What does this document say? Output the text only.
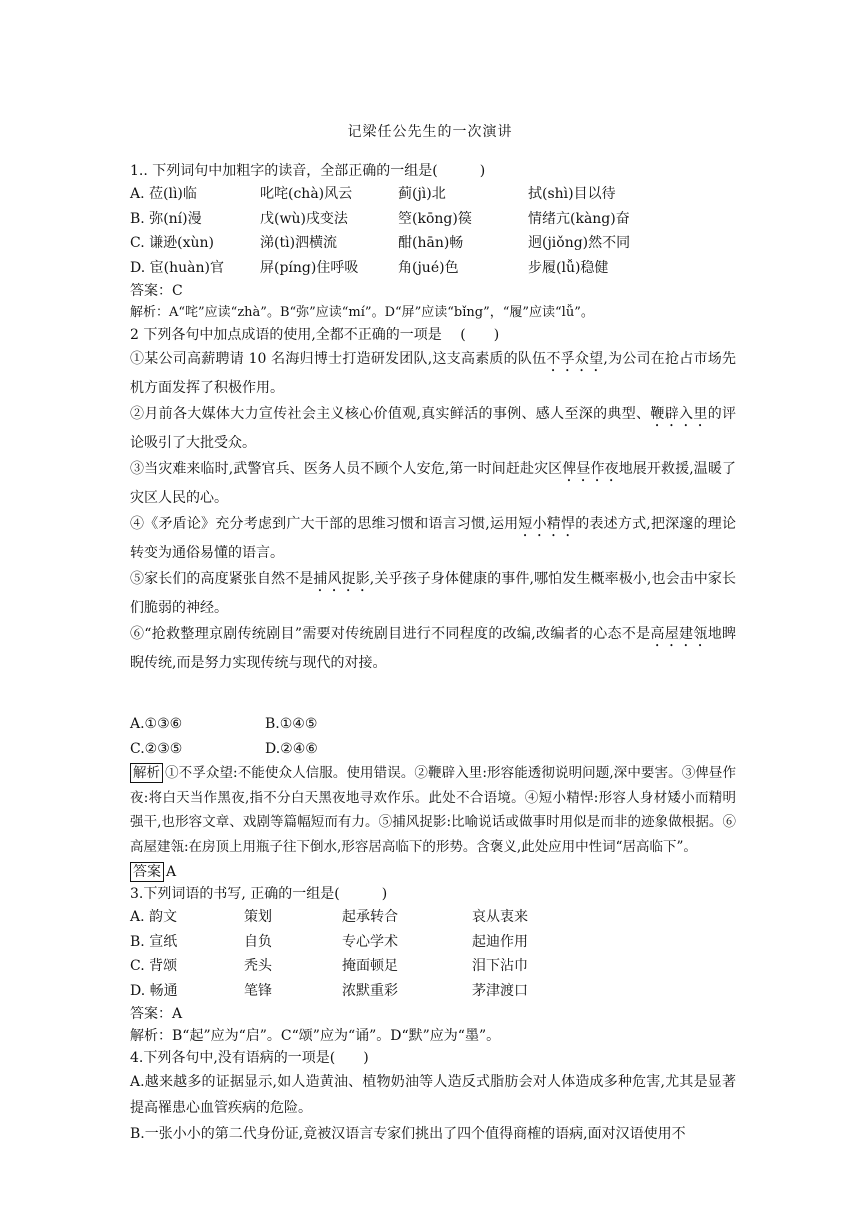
记梁任公先生的一次演讲
1.. 下列词句中加粗字的读音，全部正确的一组是(　　　)
A. 莅(lì)临	叱咤(chà)风云	蓟(jì)北	拭(shì)目以待
B. 弥(ní)漫	戊(wù)戌变法	箜(kōng)篌	情绪亢(kàng)奋
C. 谦逊(xùn)	涕(tì)泗横流	酣(hān)畅	迥(jiǒng)然不同
D. 宦(huàn)官	屏(píng)住呼吸	角(jué)色	步履(lǚ)稳健
答案：C
解析：A“咤”应读“zhà”。B“弥”应读“mí”。D“屏”应读“bǐng”，“履”应读“lǚ”。
2 下列各句中加点成语的使用,全都不正确的一项是　 (　　)
①某公司高薪聘请 10 名海归博士打造研发团队,这支高素质的队伍不孚众望,为公司在抢占市场先机方面发挥了积极作用。
②月前各大媒体大力宣传社会主义核心价值观,真实鲜活的事例、感人至深的典型、鞭辟入里的评论吸引了大批受众。
③当灾难来临时,武警官兵、医务人员不顾个人安危,第一时间赶赴灾区俾昼作夜地展开救援,温暖了灾区人民的心。
④《矛盾论》充分考虑到广大干部的思维习惯和语言习惯,运用短小精悍的表述方式,把深邃的理论转变为通俗易懂的语言。
⑤家长们的高度紧张自然不是捕风捉影,关乎孩子身体健康的事件,哪怕发生概率极小,也会击中家长们脆弱的神经。
⑥“抢救整理京剧传统剧目”需要对传统剧目进行不同程度的改编,改编者的心态不是高屋建瓴地睥睨传统,而是努力实现传统与现代的对接。
A.①③⑥	B.①④⑤
C.②③⑤	D.②④⑥
解析 ①不孚众望:不能使众人信服。使用错误。②鞭辟入里:形容能透彻说明问题,深中要害。③俾昼作夜:将白天当作黑夜,指不分白天黑夜地寻欢作乐。此处不合语境。④短小精悍:形容人身材矮小而精明强干,也形容文章、戏剧等篇幅短而有力。⑤捕风捉影:比喻说话或做事时用似是而非的迹象做根据。⑥高屋建瓴:在房顶上用瓶子往下倒水,形容居高临下的形势。含褒义,此处应用中性词“居高临下”。
答案 A
3.下列词语的书写, 正确的一组是(　　　)
A. 韵文	策划	起承转合	哀从衷来
B. 宣纸	自负	专心学术	起迪作用
C. 背颂	秃头	掩面顿足	泪下沾巾
D. 畅通	笔锋	浓默重彩	茅津渡口
答案：A
解析：B“起”应为“启”。C“颂”应为“诵”。D“默”应为“墨”。
4.下列各句中,没有语病的一项是(　　)
A.越来越多的证据显示,如人造黄油、植物奶油等人造反式脂肪会对人体造成多种危害,尤其是显著提高罹患心血管疾病的危险。
B.一张小小的第二代身份证,竟被汉语言专家们挑出了四个值得商榷的语病,面对汉语使用不
